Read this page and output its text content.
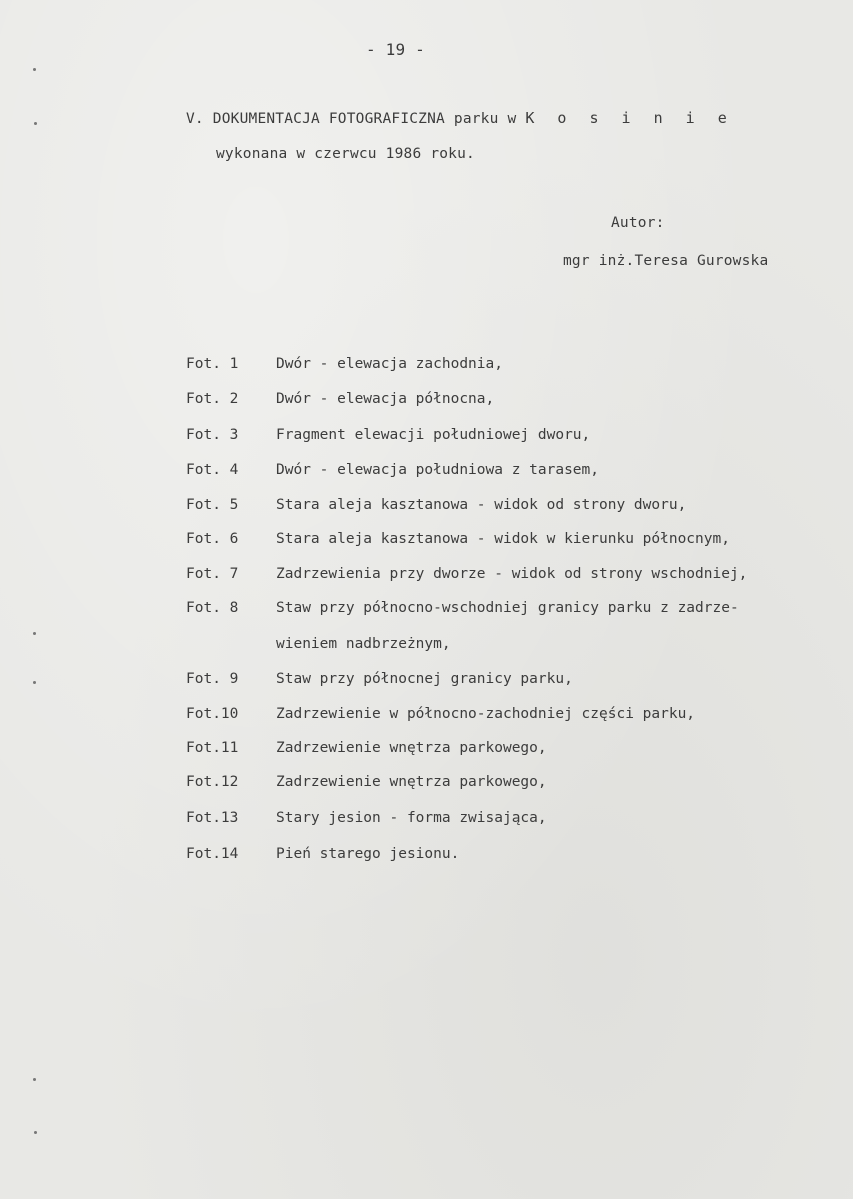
- 19 -
V. DOKUMENTACJA FOTOGRAFICZNA parku w K o s i n i e
wykonana w czerwcu 1986 roku.
Autor:
mgr inż.Teresa Gurowska
Fot. 1	Dwór - elewacja zachodnia,
Fot. 2	Dwór - elewacja północna,
Fot. 3	Fragment elewacji południowej dworu,
Fot. 4	Dwór - elewacja południowa z tarasem,
Fot. 5	Stara aleja kasztanowa - widok od strony dworu,
Fot. 6	Stara aleja kasztanowa - widok w kierunku północnym,
Fot. 7	Zadrzewienia przy dworze - widok od strony wschodniej,
Fot. 8	Staw przy północno-wschodniej granicy parku z zadrze-
wieniem nadbrzeżnym,
Fot. 9	Staw przy północnej granicy parku,
Fot.10	Zadrzewienie w północno-zachodniej części parku,
Fot.11	Zadrzewienie wnętrza parkowego,
Fot.12	Zadrzewienie wnętrza parkowego,
Fot.13	Stary jesion - forma zwisająca,
Fot.14	Pień starego jesionu.
